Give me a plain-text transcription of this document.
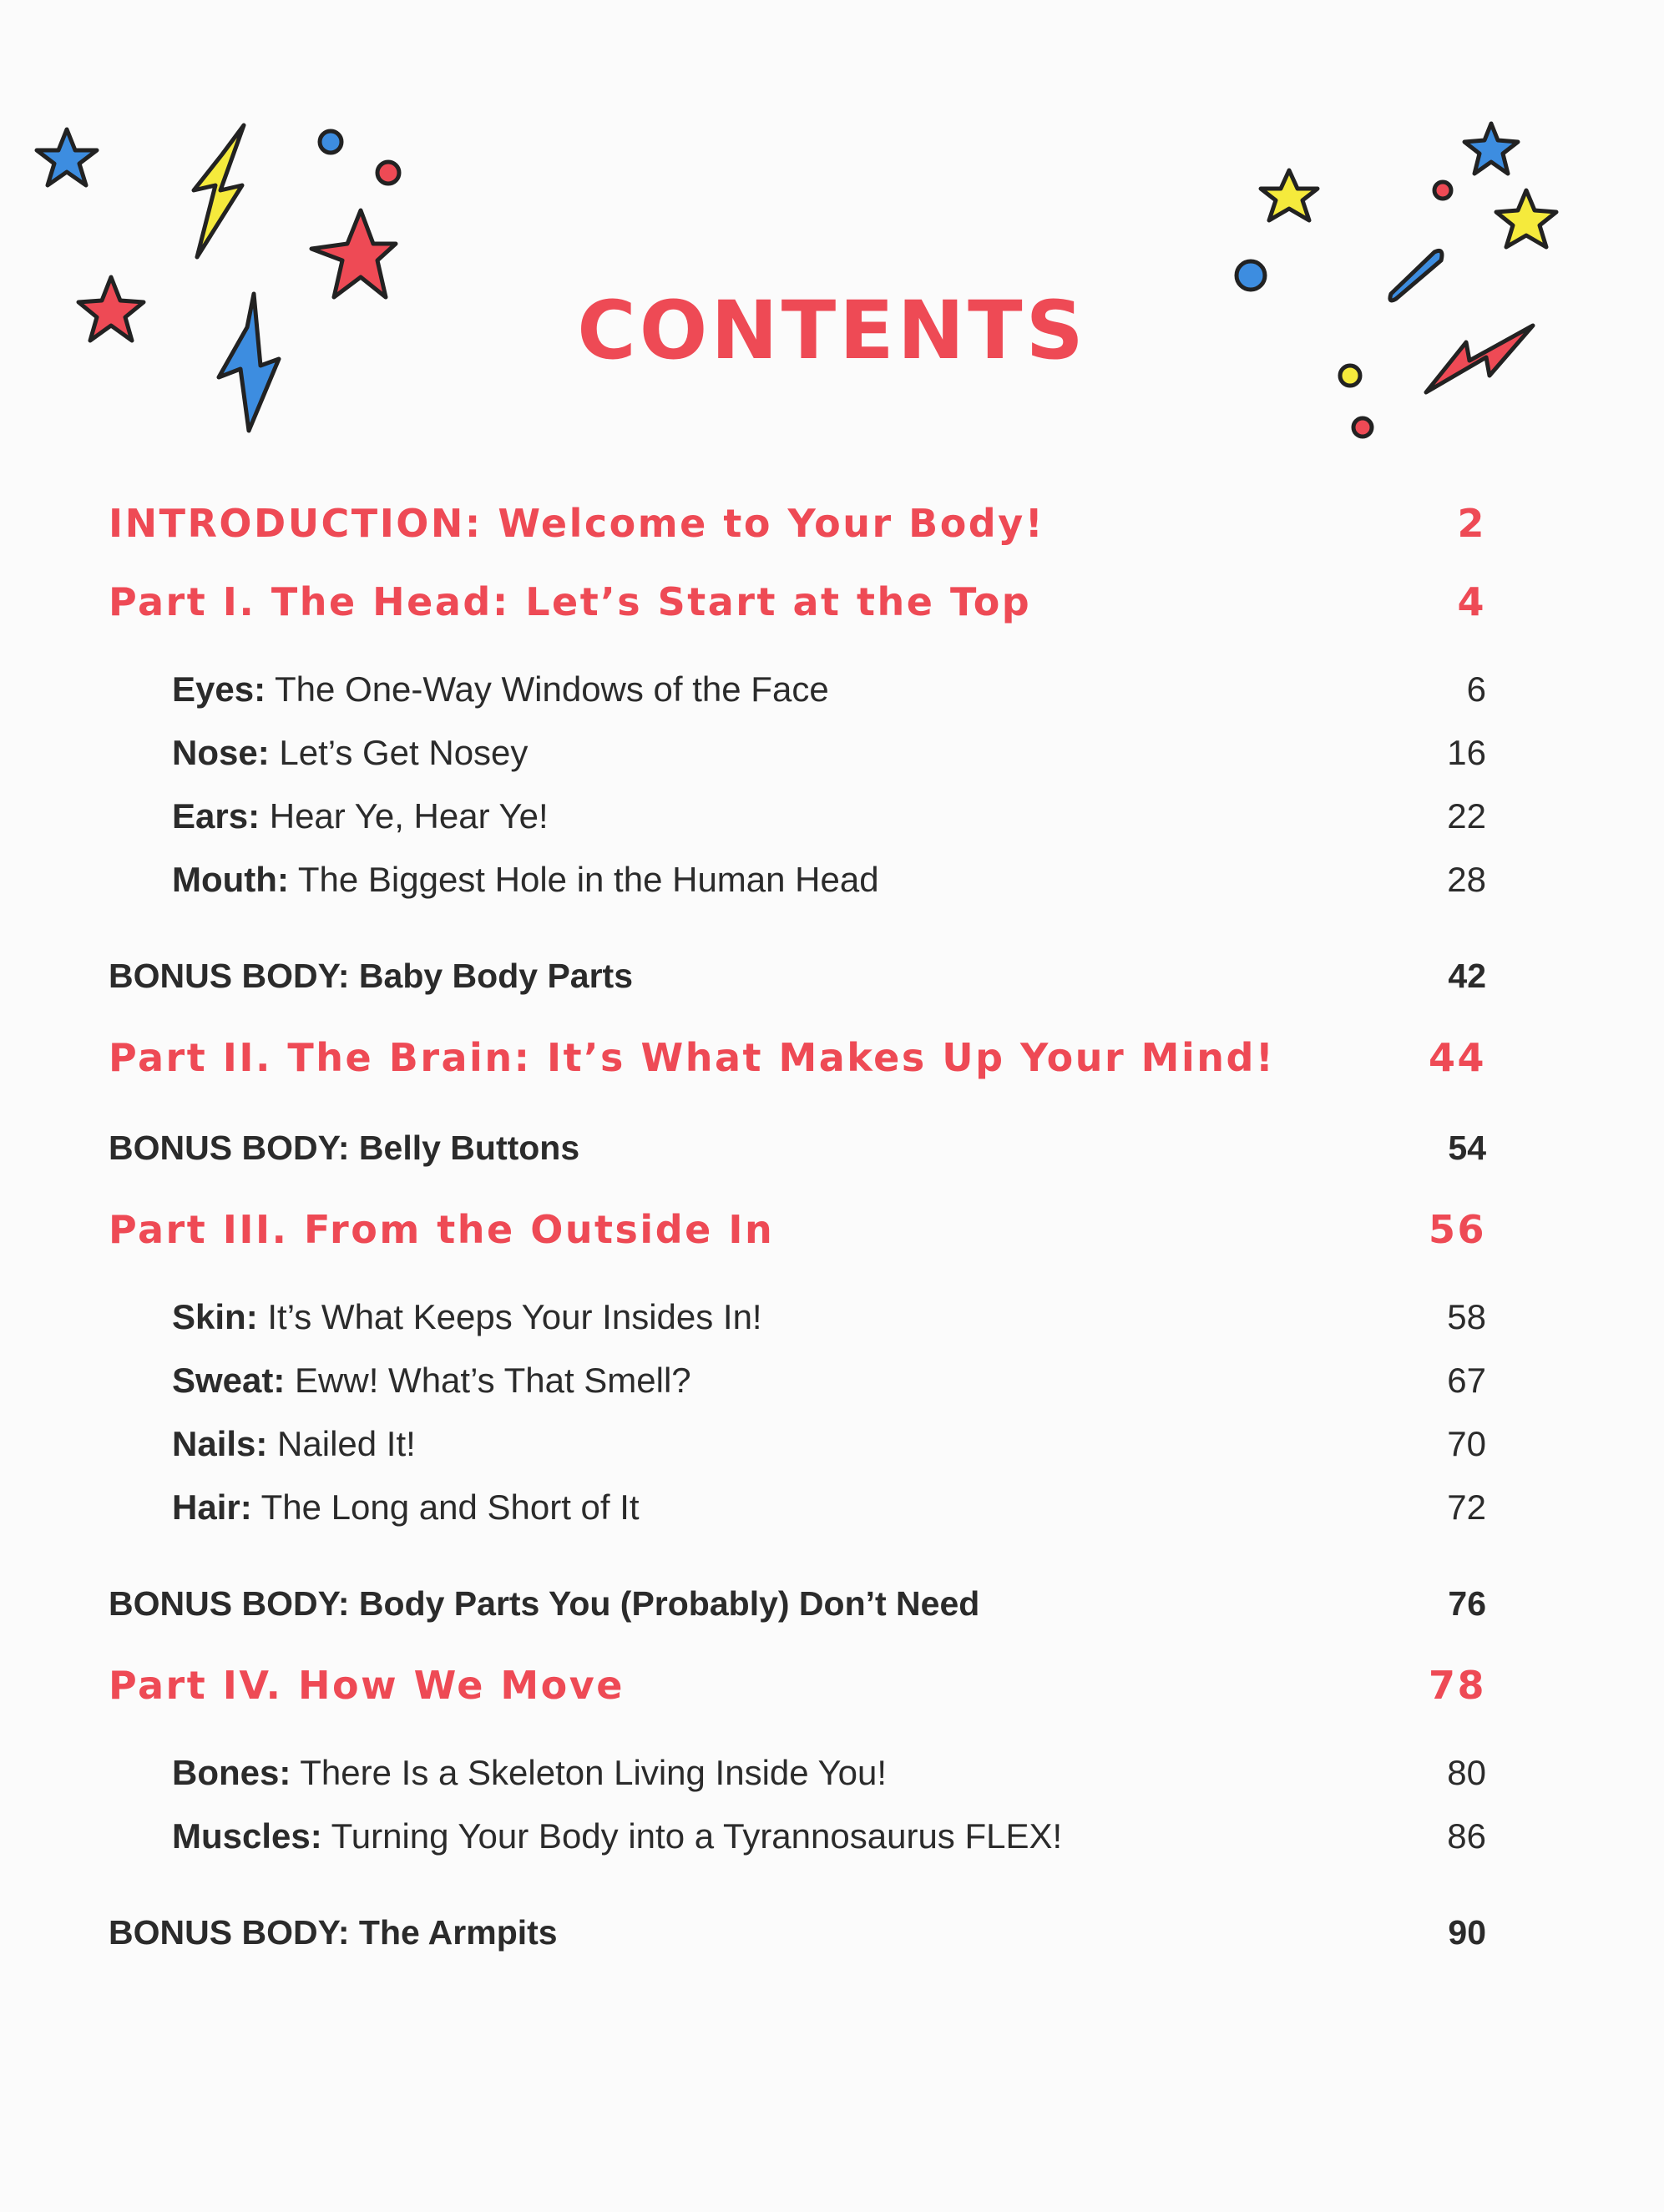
CONTENTS
INTRODUCTION: Welcome to Your Body!	2
Part I. The Head: Let’s Start at the Top	4
Eyes: The One-Way Windows of the Face	6
Nose: Let’s Get Nosey	16
Ears: Hear Ye, Hear Ye!	22
Mouth: The Biggest Hole in the Human Head	28
BONUS BODY: Baby Body Parts	42
Part II. The Brain: It’s What Makes Up Your Mind!	44
BONUS BODY: Belly Buttons	54
Part III. From the Outside In	56
Skin: It’s What Keeps Your Insides In!	58
Sweat: Eww! What’s That Smell?	67
Nails: Nailed It!	70
Hair: The Long and Short of It	72
BONUS BODY: Body Parts You (Probably) Don’t Need	76
Part IV. How We Move	78
Bones: There Is a Skeleton Living Inside You!	80
Muscles: Turning Your Body into a Tyrannosaurus FLEX!	86
BONUS BODY: The Armpits	90
